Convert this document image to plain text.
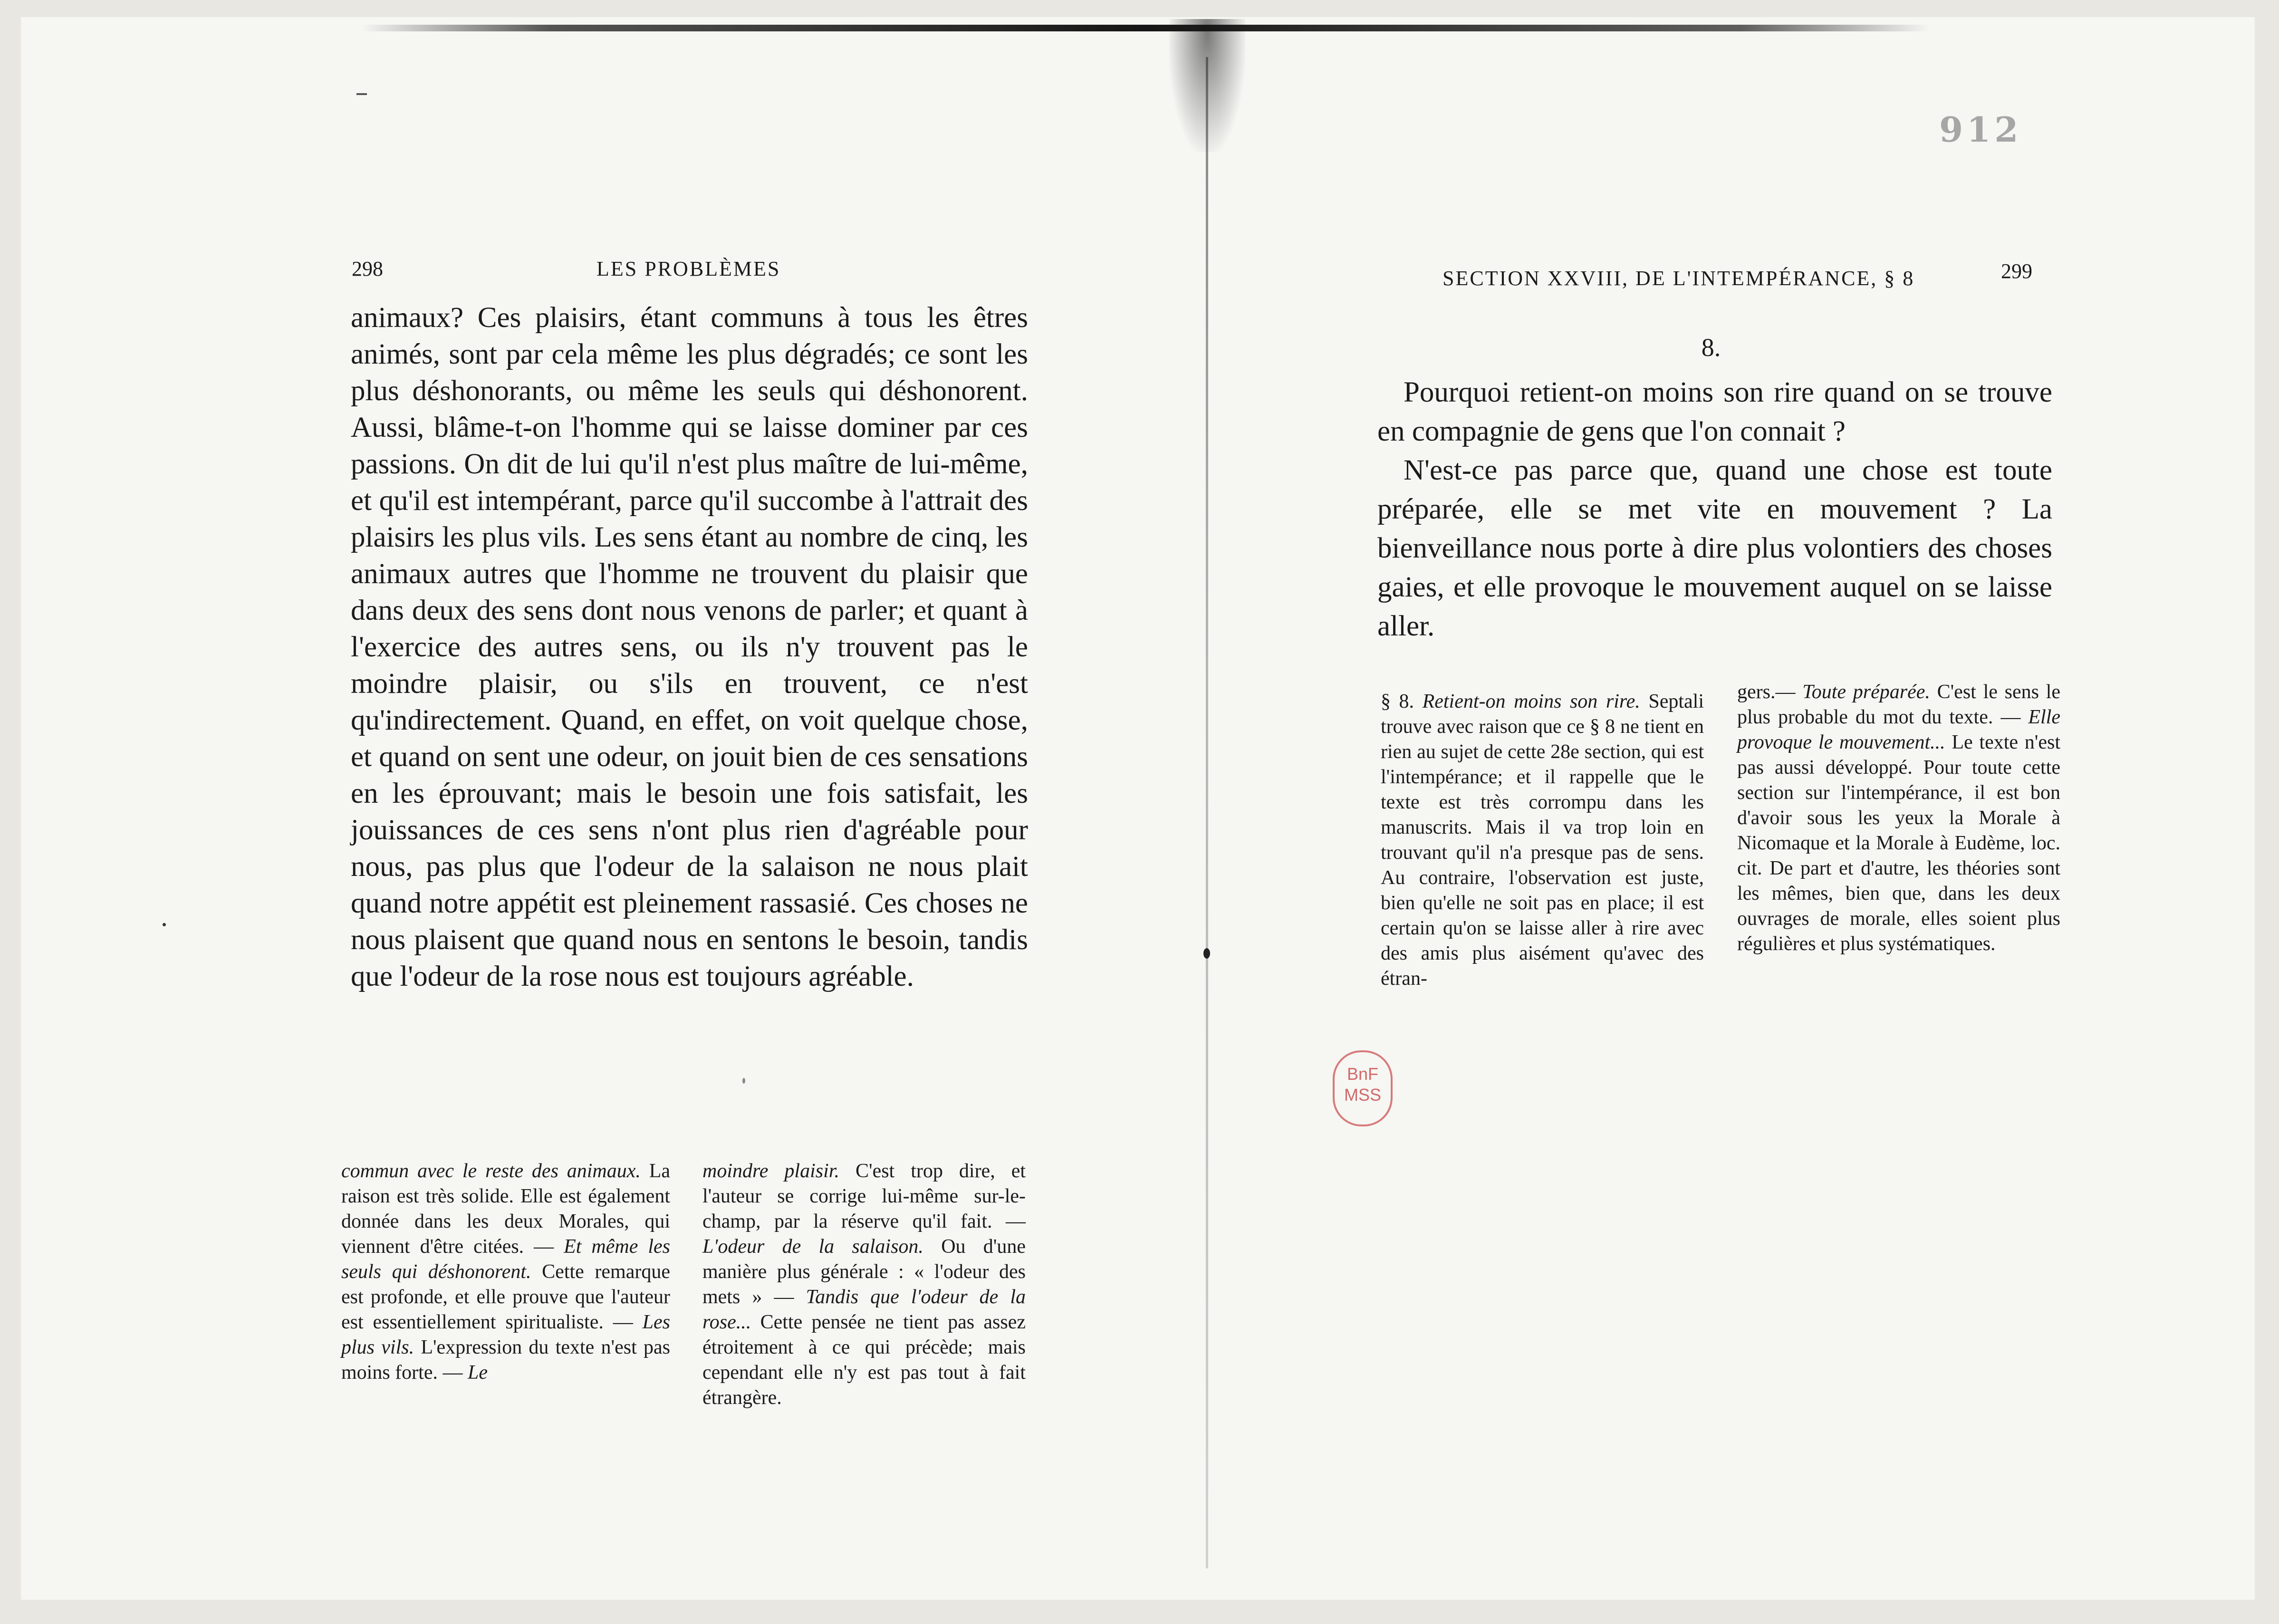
912
298	LES PROBLÈMES

animaux? Ces plaisirs, étant communs à tous les êtres animés, sont par cela même les plus dégradés; ce sont les plus déshonorants, ou même les seuls qui déshonorent. Aussi, blâme-t-on l'homme qui se laisse dominer par ces passions. On dit de lui qu'il n'est plus maître de lui-même, et qu'il est intempérant, parce qu'il succombe à l'attrait des plaisirs les plus vils. Les sens étant au nombre de cinq, les animaux autres que l'homme ne trouvent du plaisir que dans deux des sens dont nous venons de parler; et quant à l'exercice des autres sens, ou ils n'y trouvent pas le moindre plaisir, ou s'ils en trouvent, ce n'est qu'indirectement. Quand, en effet, on voit quelque chose, et quand on sent une odeur, on jouit bien de ces sensations en les éprouvant; mais le besoin une fois satisfait, les jouissances de ces sens n'ont plus rien d'agréable pour nous, pas plus que l'odeur de la salaison ne nous plait quand notre appétit est pleinement rassasié. Ces choses ne nous plaisent que quand nous en sentons le besoin, tandis que l'odeur de la rose nous est toujours agréable.

commun avec le reste des animaux. La raison est très solide. Elle est également donnée dans les deux Morales, qui viennent d'être citées. — Et même les seuls qui déshonorent. Cette remarque est profonde, et elle prouve que l'auteur est essentiellement spiritualiste. — Les plus vils. L'expression du texte n'est pas moins forte. — Le
moindre plaisir. C'est trop dire, et l'auteur se corrige lui-même sur-le-champ, par la réserve qu'il fait. — L'odeur de la salaison. Ou d'une manière plus générale : « l'odeur des mets » — Tandis que l'odeur de la rose... Cette pensée ne tient pas assez étroitement à ce qui précède; mais cependant elle n'y est pas tout à fait étrangère.
SECTION XXVIII, DE L'INTEMPÉRANCE, § 8	299
8.

Pourquoi retient-on moins son rire quand on se trouve en compagnie de gens que l'on connait ?

N'est-ce pas parce que, quand une chose est toute préparée, elle se met vite en mouvement ? La bienveillance nous porte à dire plus volontiers des choses gaies, et elle provoque le mouvement auquel on se laisse aller.

§ 8. Retient-on moins son rire. Septali trouve avec raison que ce § 8 ne tient en rien au sujet de cette 28e section, qui est l'intempérance; et il rappelle que le texte est très corrompu dans les manuscrits. Mais il va trop loin en trouvant qu'il n'a presque pas de sens. Au contraire, l'observation est juste, bien qu'elle ne soit pas en place; il est certain qu'on se laisse aller à rire avec des amis plus aisément qu'avec des étran-
gers.— Toute préparée. C'est le sens le plus probable du mot du texte. — Elle provoque le mouvement... Le texte n'est pas aussi développé. Pour toute cette section sur l'intempérance, il est bon d'avoir sous les yeux la Morale à Nicomaque et la Morale à Eudème, loc. cit. De part et d'autre, les théories sont les mêmes, bien que, dans les deux ouvrages de morale, elles soient plus régulières et plus systématiques.
BnF
MSS
